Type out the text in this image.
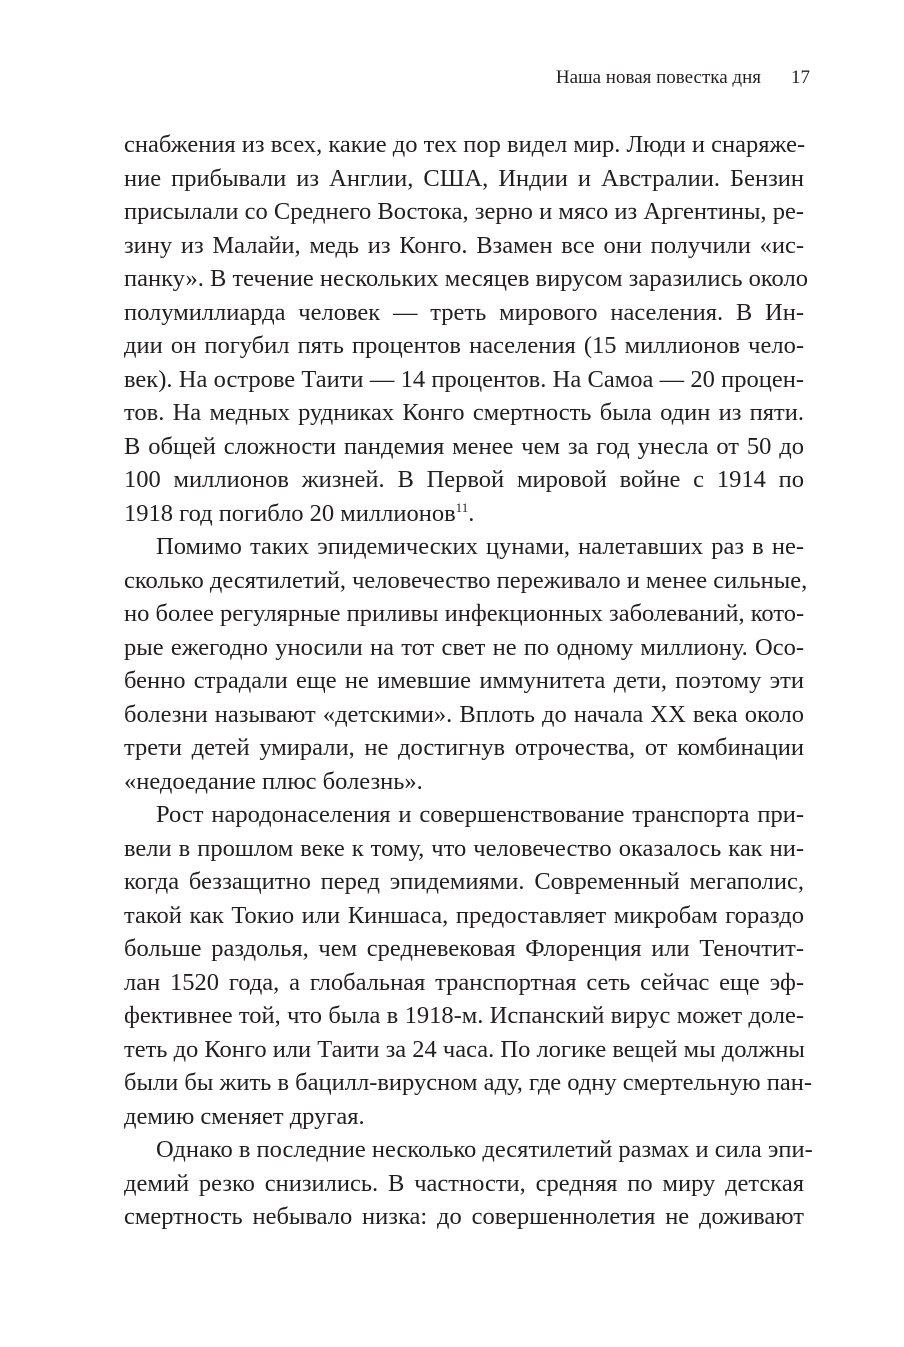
Наша новая повестка дня 17
снабжения из всех, какие до тех пор видел мир. Люди и снаряже-
ние прибывали из Англии, США, Индии и Австралии. Бензин
присылали со Среднего Востока, зерно и мясо из Аргентины, ре-
зину из Малайи, медь из Конго. Взамен все они получили «ис-
панку». В течение нескольких месяцев вирусом заразились около
полумиллиарда человек — треть мирового населения. В Ин-
дии он погубил пять процентов населения (15 миллионов чело-
век). На острове Таити — 14 процентов. На Самоа — 20 процен-
тов. На медных рудниках Конго смертность была один из пяти.
В общей сложности пандемия менее чем за год унесла от 50 до
100 миллионов жизней. В Первой мировой войне с 1914 по
1918 год погибло 20 миллионов$^{11}$.
Помимо таких эпидемических цунами, налетавших раз в не-
сколько десятилетий, человечество переживало и менее сильные,
но более регулярные приливы инфекционных заболеваний, кото-
рые ежегодно уносили на тот свет не по одному миллиону. Осо-
бенно страдали еще не имевшие иммунитета дети, поэтому эти
болезни называют «детскими». Вплоть до начала XX века около
трети детей умирали, не достигнув отрочества, от комбинации
«недоедание плюс болезнь».
Рост народонаселения и совершенствование транспорта при-
вели в прошлом веке к тому, что человечество оказалось как ни-
когда беззащитно перед эпидемиями. Современный мегаполис,
такой как Токио или Киншаса, предоставляет микробам гораздо
больше раздолья, чем средневековая Флоренция или Теночтит-
лан 1520 года, а глобальная транспортная сеть сейчас еще эф-
фективнее той, что была в 1918-м. Испанский вирус может доле-
теть до Конго или Таити за 24 часа. По логике вещей мы должны
были бы жить в бацилл-вирусном аду, где одну смертельную пан-
демию сменяет другая.
Однако в последние несколько десятилетий размах и сила эпи-
демий резко снизились. В частности, средняя по миру детская
смертность небывало низка: до совершеннолетия не доживают
